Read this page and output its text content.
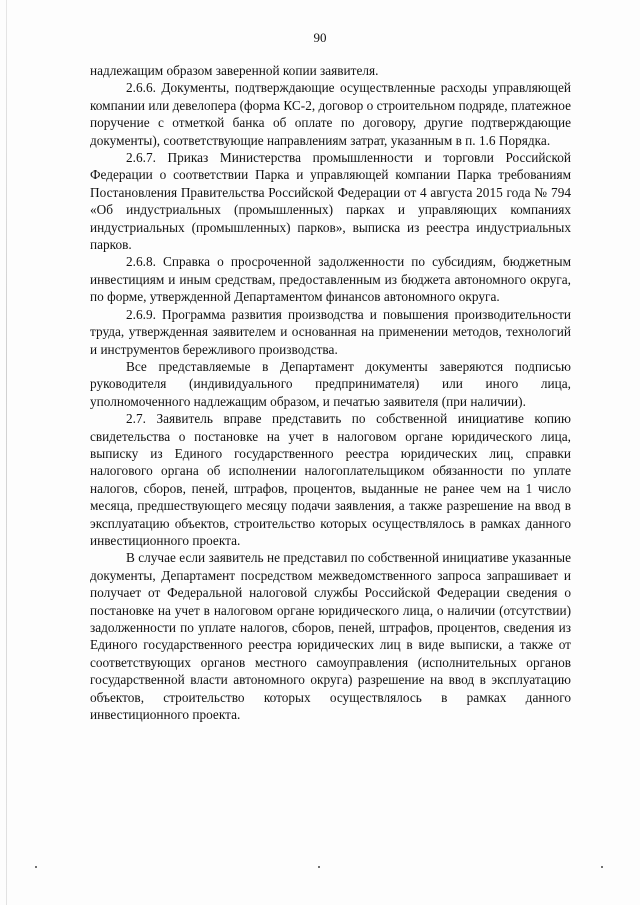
90

надлежащим образом заверенной копии заявителя.

2.6.6. Документы, подтверждающие осуществленные расходы управляющей компании или девелопера (форма КС-2, договор о строительном подряде, платежное поручение с отметкой банка об оплате по договору, другие подтверждающие документы), соответствующие направлениям затрат, указанным в п. 1.6 Порядка.

2.6.7. Приказ Министерства промышленности и торговли Российской Федерации о соответствии Парка и управляющей компании Парка требованиям Постановления Правительства Российской Федерации от 4 августа 2015 года № 794 «Об индустриальных (промышленных) парках и управляющих компаниях индустриальных (промышленных) парков», выписка из реестра индустриальных парков.

2.6.8. Справка о просроченной задолженности по субсидиям, бюджетным инвестициям и иным средствам, предоставленным из бюджета автономного округа, по форме, утвержденной Департаментом финансов автономного округа.

2.6.9. Программа развития производства и повышения производительности труда, утвержденная заявителем и основанная на применении методов, технологий и инструментов бережливого производства.

Все представляемые в Департамент документы заверяются подписью руководителя (индивидуального предпринимателя) или иного лица, уполномоченного надлежащим образом, и печатью заявителя (при наличии).

2.7. Заявитель вправе представить по собственной инициативе копию свидетельства о постановке на учет в налоговом органе юридического лица, выписку из Единого государственного реестра юридических лиц, справки налогового органа об исполнении налогоплательщиком обязанности по уплате налогов, сборов, пеней, штрафов, процентов, выданные не ранее чем на 1 число месяца, предшествующего месяцу подачи заявления, а также разрешение на ввод в эксплуатацию объектов, строительство которых осуществлялось в рамках данного инвестиционного проекта.

В случае если заявитель не представил по собственной инициативе указанные документы, Департамент посредством межведомственного запроса запрашивает и получает от Федеральной налоговой службы Российской Федерации сведения о постановке на учет в налоговом органе юридического лица, о наличии (отсутствии) задолженности по уплате налогов, сборов, пеней, штрафов, процентов, сведения из Единого государственного реестра юридических лиц в виде выписки, а также от соответствующих органов местного самоуправления (исполнительных органов государственной власти автономного округа) разрешение на ввод в эксплуатацию объектов, строительство которых осуществлялось в рамках данного инвестиционного проекта.
